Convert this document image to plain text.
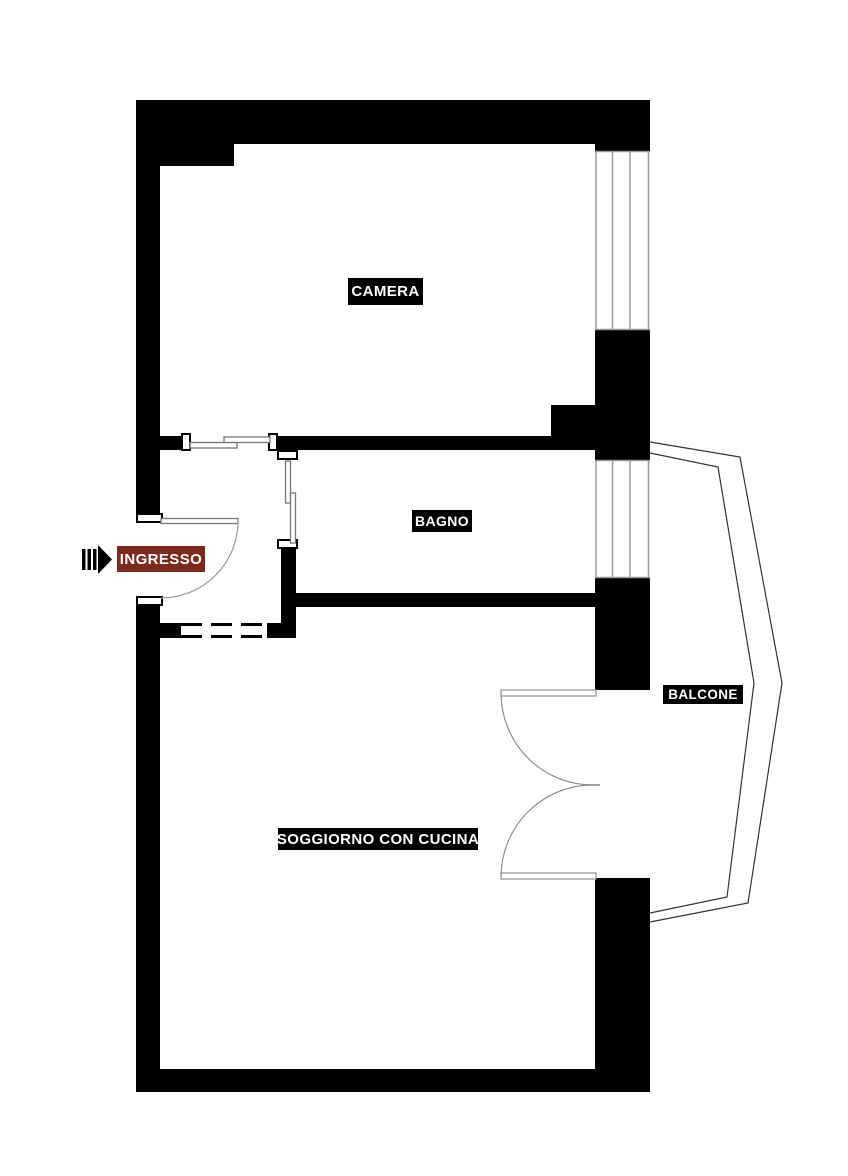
CAMERA
BAGNO
INGRESSO
BALCONE
SOGGIORNO CON CUCINA
